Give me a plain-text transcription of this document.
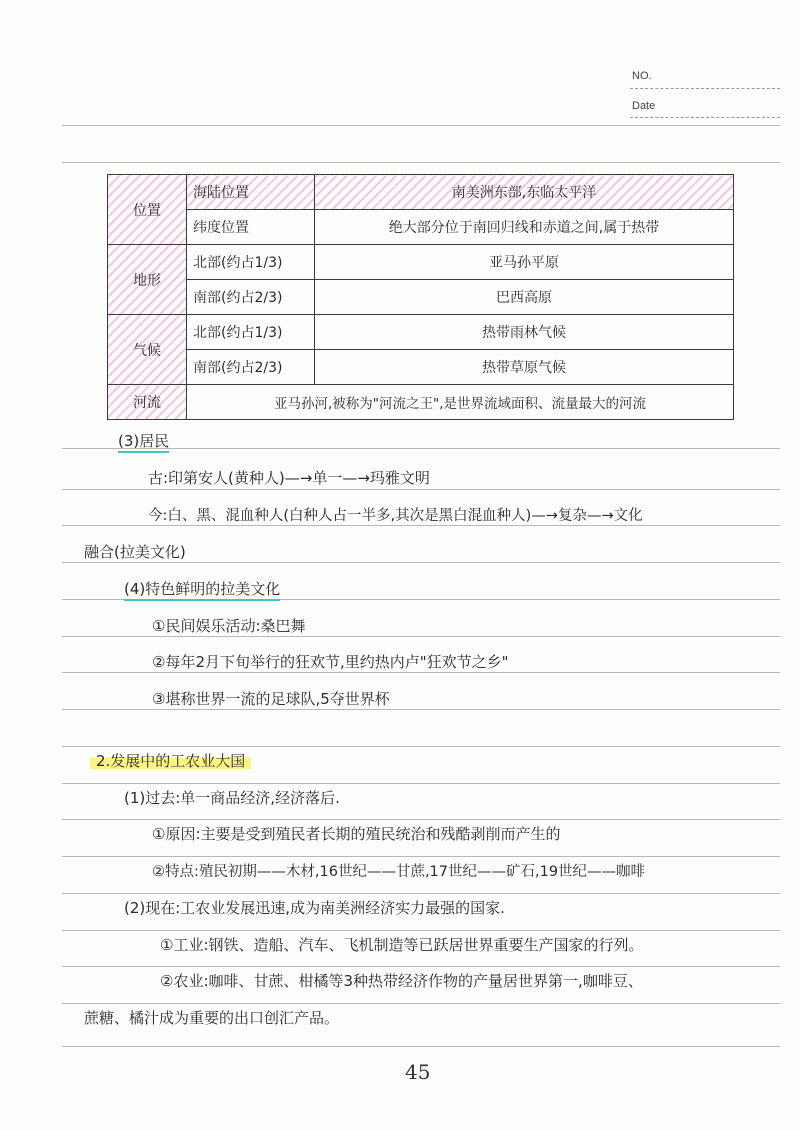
NO.
Date
位置	海陆位置	南美洲东部,东临太平洋
	纬度位置	绝大部分位于南回归线和赤道之间,属于热带
地形	北部(约占1/3)	亚马孙平原
	南部(约占2/3)	巴西高原
气候	北部(约占1/3)	热带雨林气候
	南部(约占2/3)	热带草原气候
河流	亚马孙河,被称为"河流之王",是世界流域面积、流量最大的河流	
(3)居民
古:印第安人(黄种人)—→单一—→玛雅文明
今:白、黑、混血种人(白种人占一半多,其次是黑白混血种人)—→复杂—→文化
融合(拉美文化)
(4)特色鲜明的拉美文化
①民间娱乐活动:桑巴舞
②每年2月下旬举行的狂欢节,里约热内卢"狂欢节之乡"
③堪称世界一流的足球队,5夺世界杯
2.发展中的工农业大国
(1)过去:单一商品经济,经济落后.
①原因:主要是受到殖民者长期的殖民统治和残酷剥削而产生的
②特点:殖民初期——木材,16世纪——甘蔗,17世纪——矿石,19世纪——咖啡
(2)现在:工农业发展迅速,成为南美洲经济实力最强的国家.
①工业:钢铁、造船、汽车、飞机制造等已跃居世界重要生产国家的行列。
②农业:咖啡、甘蔗、柑橘等3种热带经济作物的产量居世界第一,咖啡豆、
蔗糖、橘汁成为重要的出口创汇产品。
45
